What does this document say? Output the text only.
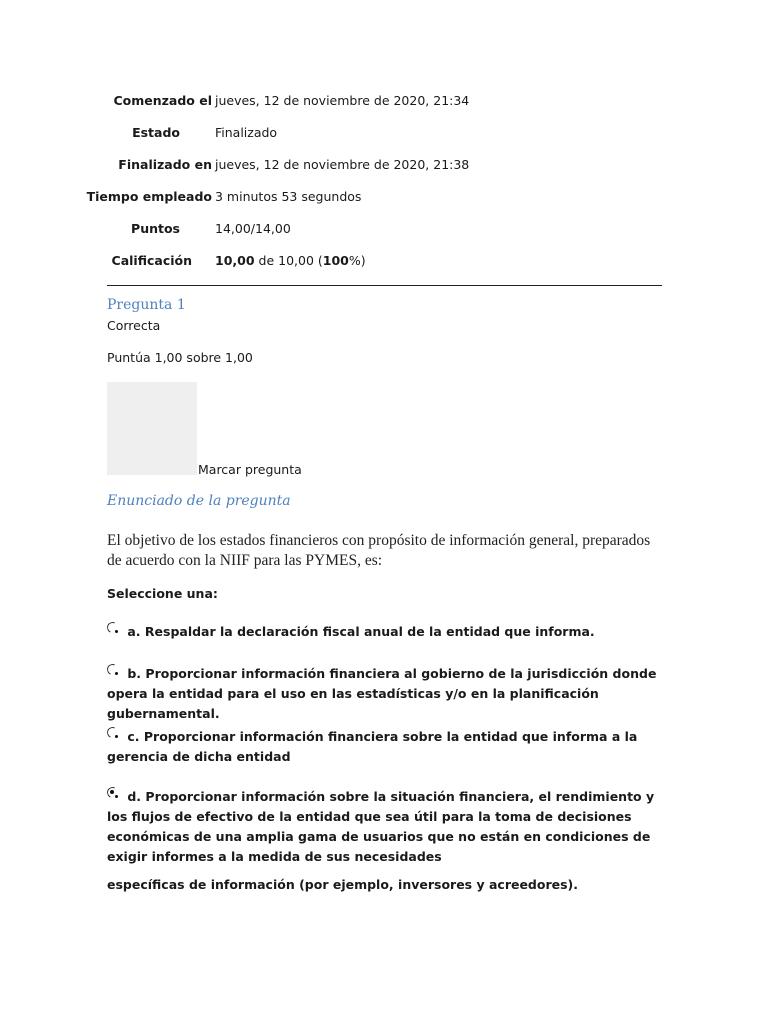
Comenzado el jueves, 12 de noviembre de 2020, 21:34
Estado	Finalizado
Finalizado en jueves, 12 de noviembre de 2020, 21:38
Tiempo empleado 3 minutos 53 segundos
Puntos	14,00/14,00
Calificación 10,00 de 10,00 (100%)
Pregunta 1
Correcta
Puntúa 1,00 sobre 1,00
Marcar pregunta
Enunciado de la pregunta
El objetivo de los estados financieros con propósito de información general, preparados de acuerdo con la NIIF para las PYMES, es:
Seleccione una:
a. Respaldar la declaración fiscal anual de la entidad que informa.
b. Proporcionar información financiera al gobierno de la jurisdicción donde opera la entidad para el uso en las estadísticas y/o en la planificación gubernamental.
c. Proporcionar información financiera sobre la entidad que informa a la gerencia de dicha entidad
d. Proporcionar información sobre la situación financiera, el rendimiento y los flujos de efectivo de la entidad que sea útil para la toma de decisiones económicas de una amplia gama de usuarios que no están en condiciones de exigir informes a la medida de sus necesidades
específicas de información (por ejemplo, inversores y acreedores).
